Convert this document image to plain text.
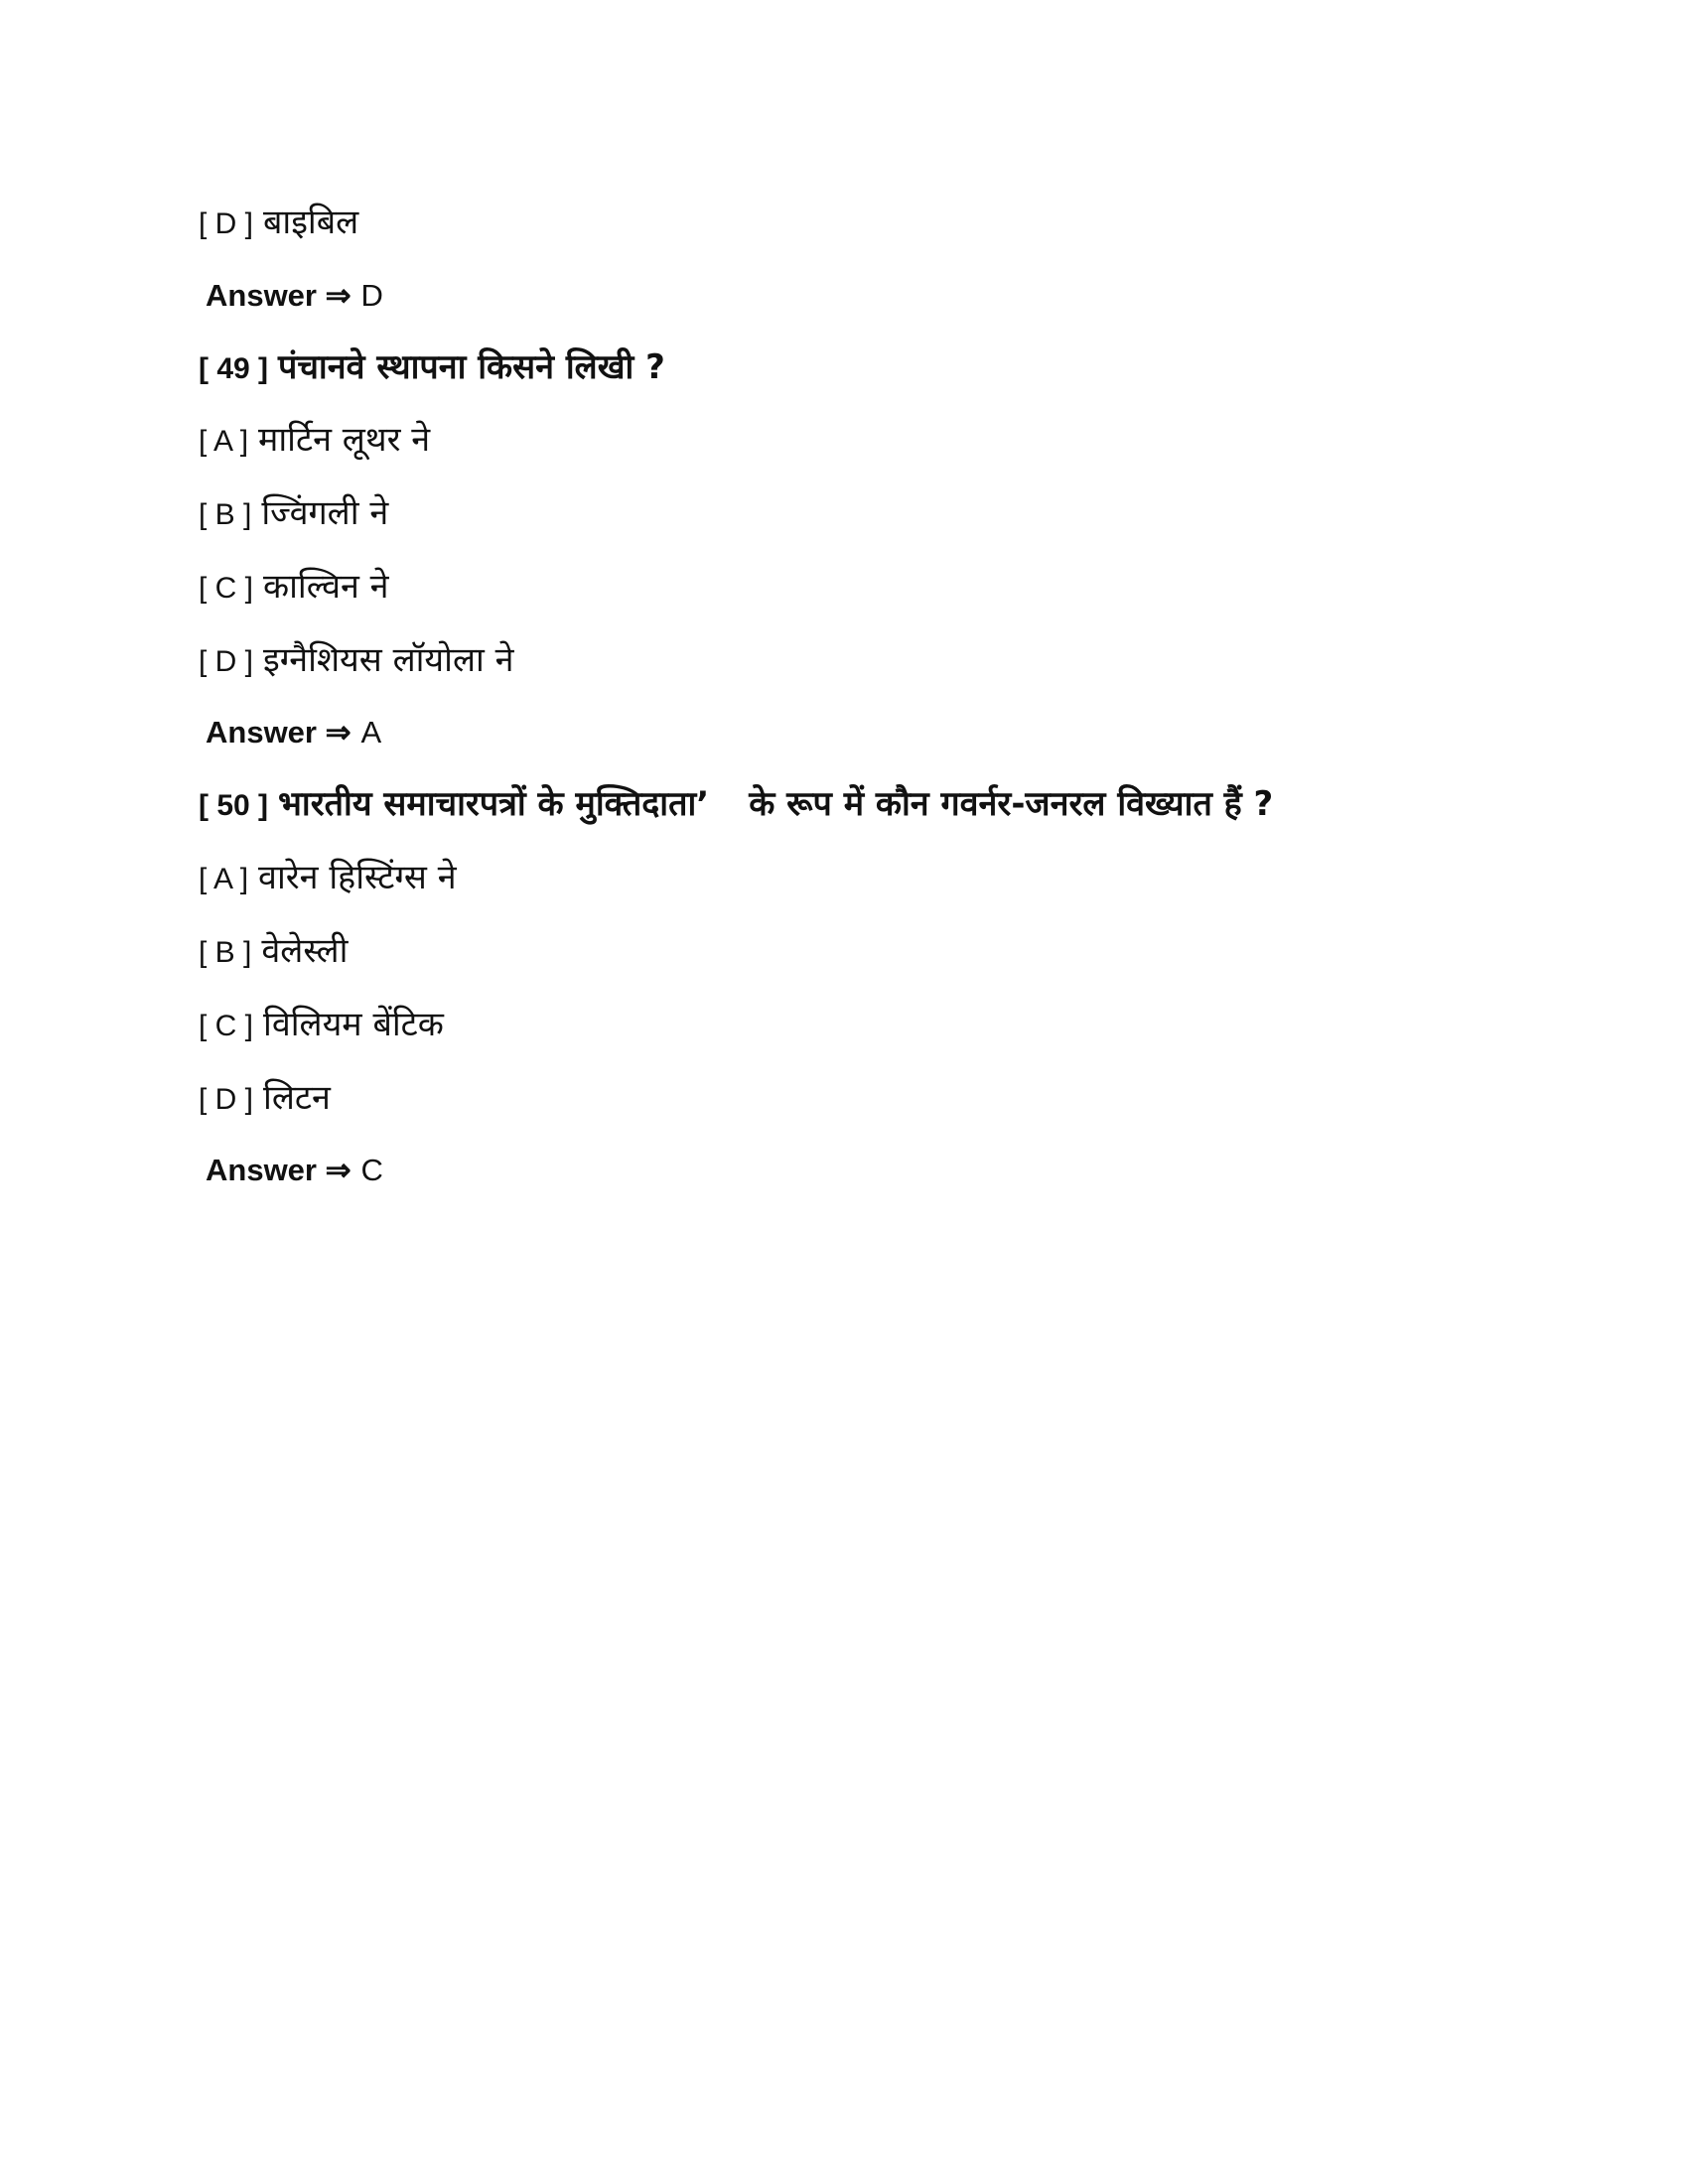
[ D ] बाइबिल
Answer ⇒ D
[ 49 ] पंचानवे स्थापना किसने लिखी ?
[ A ] मार्टिन लूथर ने
[ B ] ज्विंगली ने
[ C ] काल्विन ने
[ D ] इग्नैशियस लॉयोला ने
Answer ⇒ A
[ 50 ] भारतीय समाचारपत्रों के मुक्तिदाता’ के रूप में कौन गवर्नर-जनरल विख्यात हैं ?
[ A ] वारेन हिस्टिंग्स ने
[ B ] वेलेस्ली
[ C ] विलियम बेंटिक
[ D ] लिटन
Answer ⇒ C
